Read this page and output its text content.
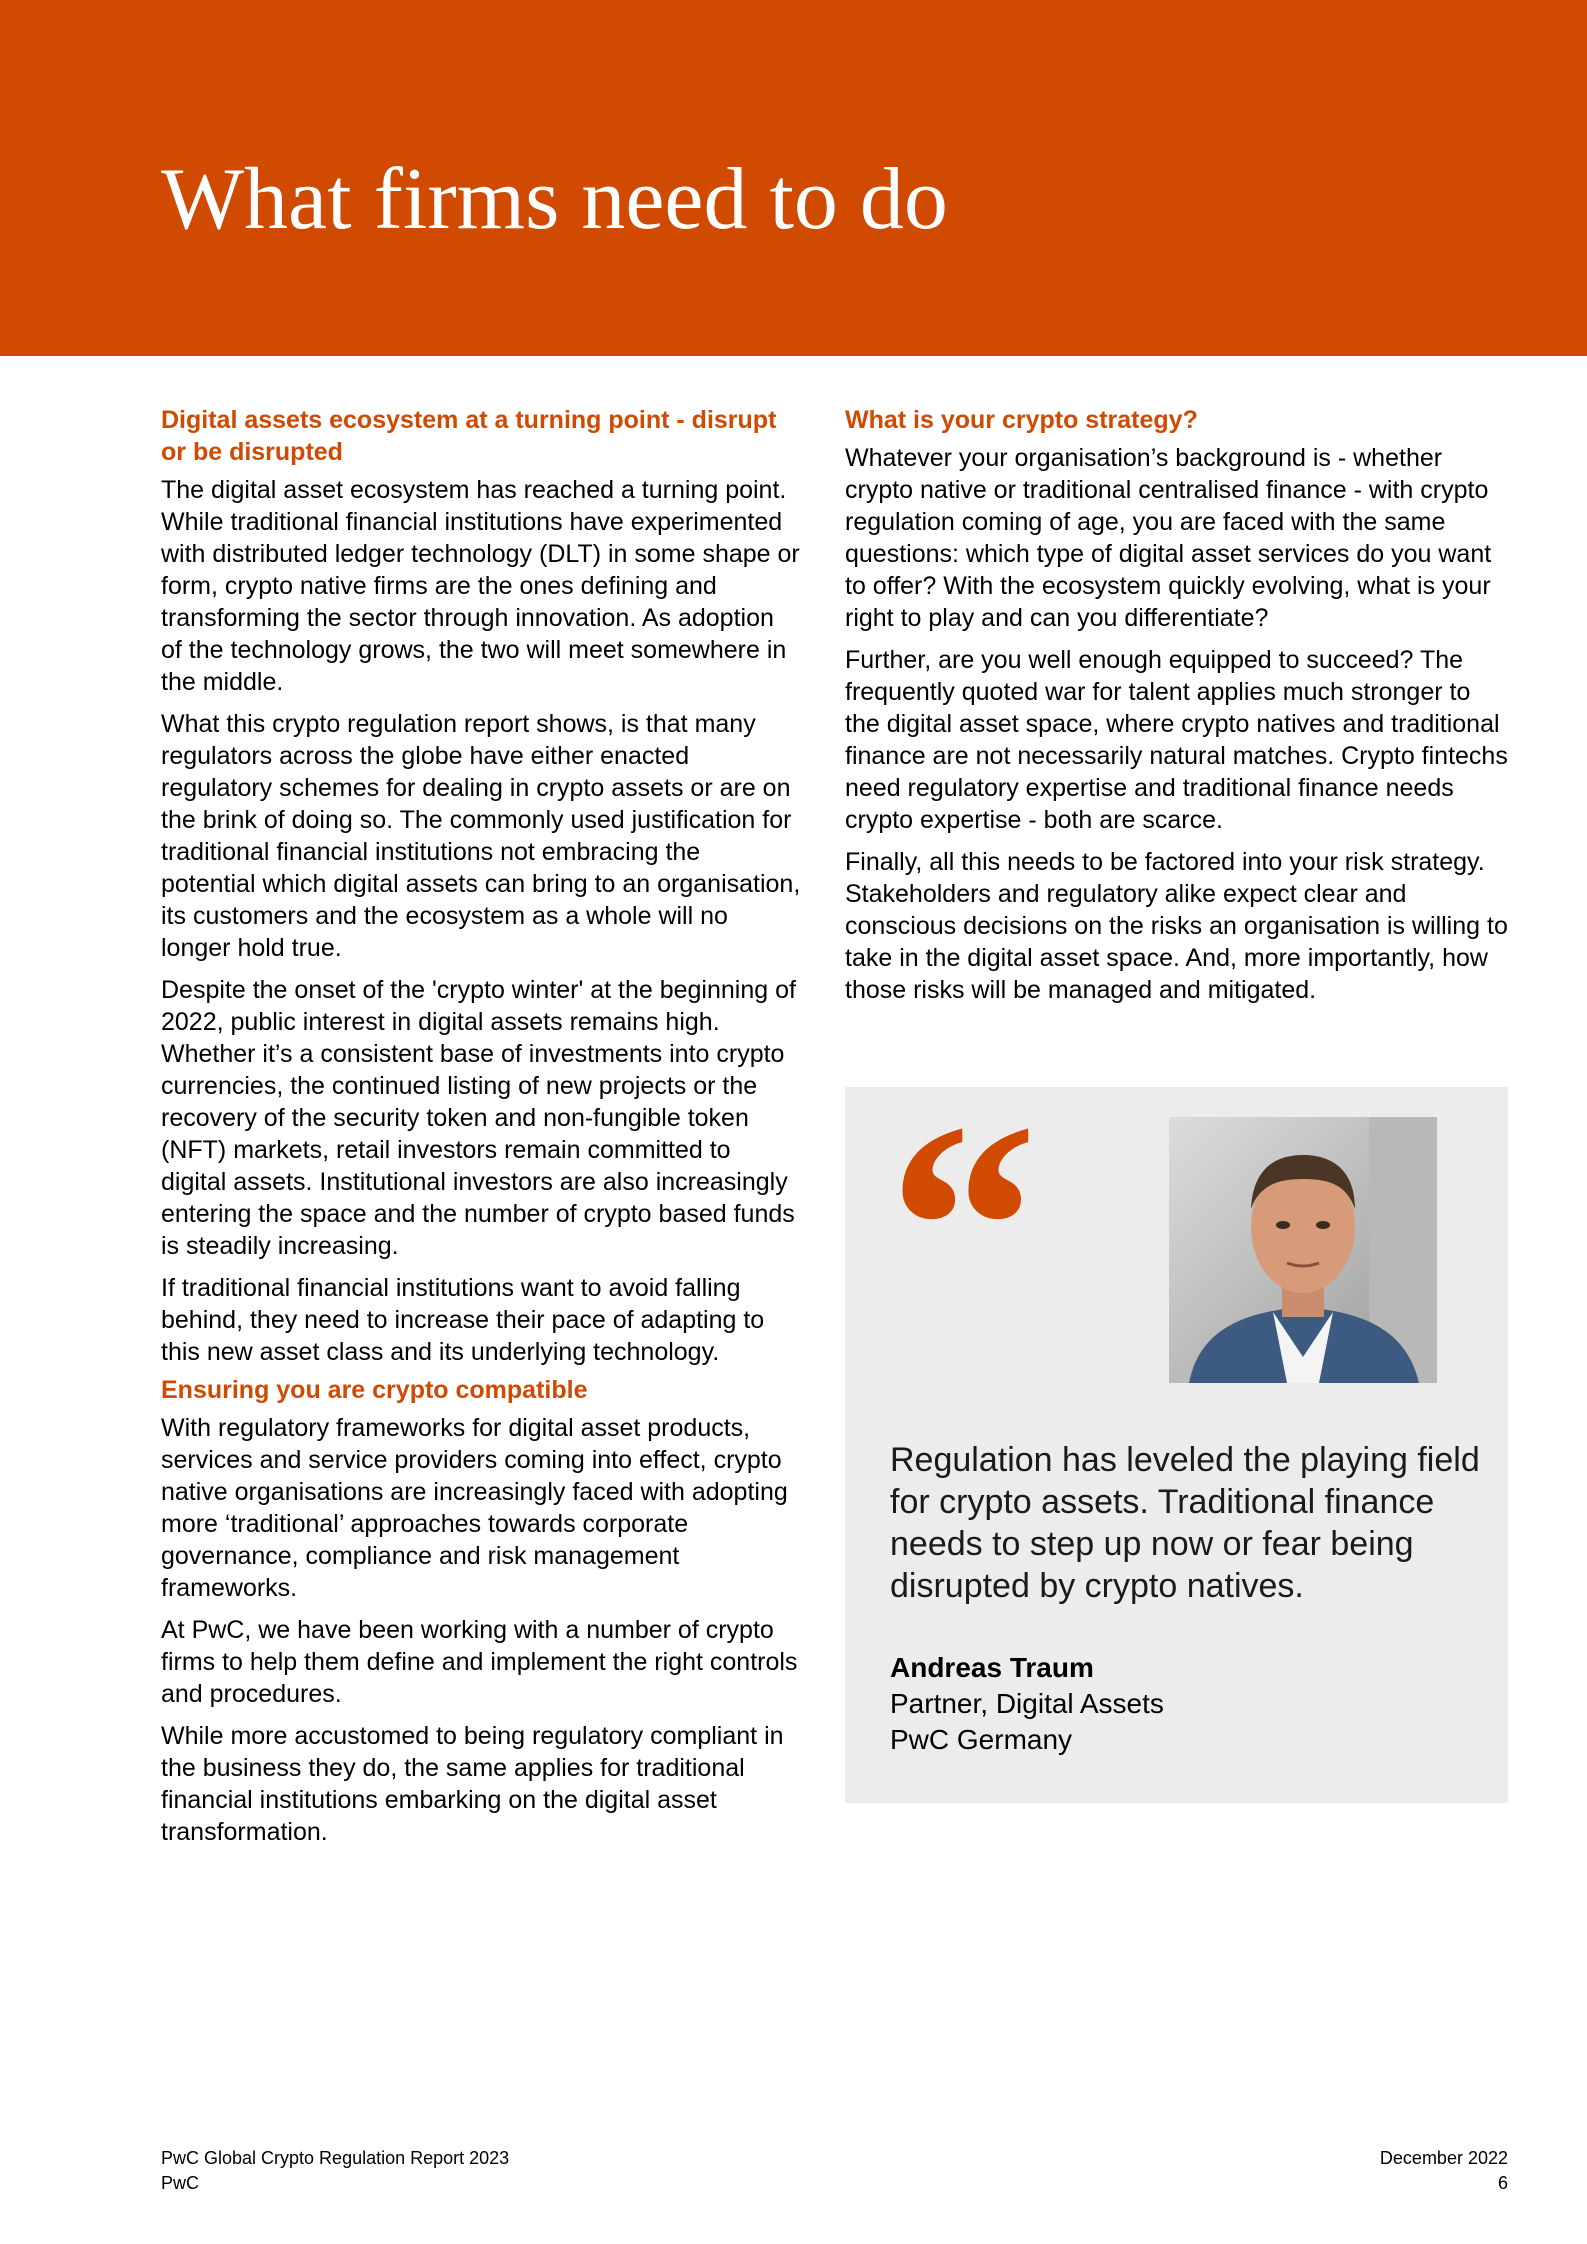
What firms need to do
Digital assets ecosystem at a turning point - disrupt or be disrupted

The digital asset ecosystem has reached a turning point. While traditional financial institutions have experimented with distributed ledger technology (DLT) in some shape or form, crypto native firms are the ones defining and transforming the sector through innovation. As adoption of the technology grows, the two will meet somewhere in the middle.

What this crypto regulation report shows, is that many regulators across the globe have either enacted regulatory schemes for dealing in crypto assets or are on the brink of doing so. The commonly used justification for traditional financial institutions not embracing the potential which digital assets can bring to an organisation, its customers and the ecosystem as a whole will no longer hold true.

Despite the onset of the 'crypto winter' at the beginning of 2022, public interest in digital assets remains high. Whether it’s a consistent base of investments into crypto currencies, the continued listing of new projects or the recovery of the security token and non-fungible token (NFT) markets, retail investors remain committed to digital assets. Institutional investors are also increasingly entering the space and the number of crypto based funds is steadily increasing.

If traditional financial institutions want to avoid falling behind, they need to increase their pace of adapting to this new asset class and its underlying technology.

Ensuring you are crypto compatible

With regulatory frameworks for digital asset products, services and service providers coming into effect, crypto native organisations are increasingly faced with adopting more ‘traditional’ approaches towards corporate governance, compliance and risk management frameworks.

At PwC, we have been working with a number of crypto firms to help them define and implement the right controls and procedures.

While more accustomed to being regulatory compliant in the business they do, the same applies for traditional financial institutions embarking on the digital asset transformation.

What is your crypto strategy?

Whatever your organisation’s background is - whether crypto native or traditional centralised finance - with crypto regulation coming of age, you are faced with the same questions: which type of digital asset services do you want to offer? With the ecosystem quickly evolving, what is your right to play and can you differentiate?

Further, are you well enough equipped to succeed? The frequently quoted war for talent applies much stronger to the digital asset space, where crypto natives and traditional finance are not necessarily natural matches. Crypto fintechs need regulatory expertise and traditional finance needs crypto expertise - both are scarce.

Finally, all this needs to be factored into your risk strategy. Stakeholders and regulatory alike expect clear and conscious decisions on the risks an organisation is willing to take in the digital asset space. And, more importantly, how those risks will be managed and mitigated.

“

Regulation has leveled the playing field for crypto assets. Traditional finance needs to step up now or fear being disrupted by crypto natives.

Andreas Traum

Partner, Digital Assets

PwC Germany

PwC Global Crypto Regulation Report 2023
PwC
December 2022
6
